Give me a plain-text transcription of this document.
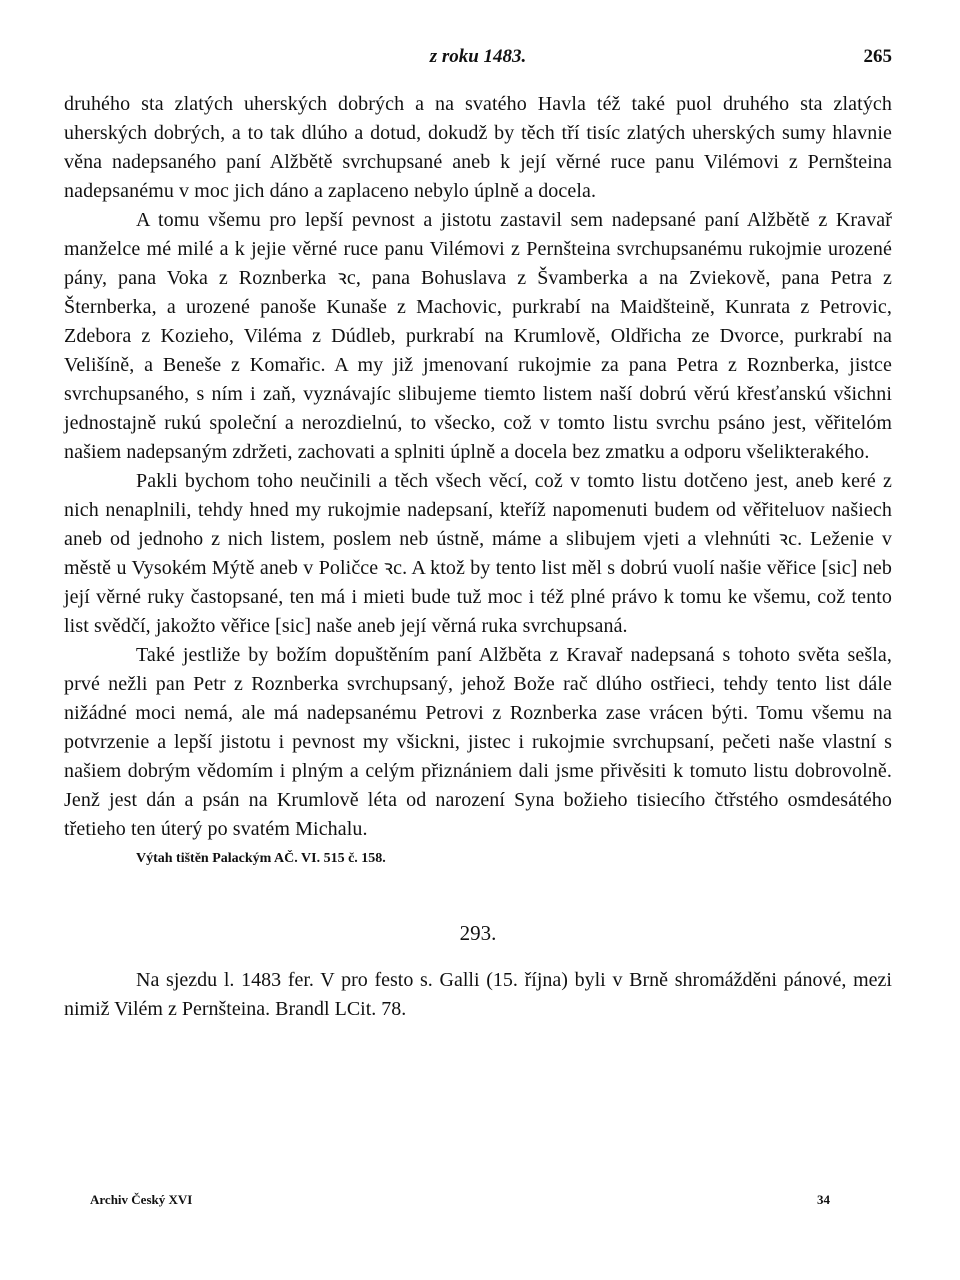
z roku 1483.	265

druhého sta zlatých uherských dobrých a na svatého Havla též také puol druhého sta zlatých uherských dobrých, a to tak dlúho a dotud, dokudž by těch tří tisíc zlatých uherských sumy hlavnie věna nadepsaného paní Alžbětě svrchupsané aneb k její věrné ruce panu Vilémovi z Pernšteina nadepsanému v moc jich dáno a zaplaceno nebylo úplně a docela.

A tomu všemu pro lepší pevnost a jistotu zastavil sem nadepsané paní Alžbětě z Kravař manželce mé milé a k jejie věrné ruce panu Vilémovi z Pernšteina svrchupsanému rukojmie urozené pány, pana Voka z Roznberka ꝛc, pana Bohuslava z Švamberka a na Zviekově, pana Petra z Šternberka, a urozené panoše Kunaše z Machovic, purkrabí na Maidšteině, Kunrata z Petrovic, Zdebora z Kozieho, Viléma z Dúdleb, purkrabí na Krumlově, Oldřicha ze Dvorce, purkrabí na Velišíně, a Beneše z Komařic. A my již jmenovaní rukojmie za pana Petra z Roznberka, jistce svrchupsaného, s ním i zaň, vyznávajíc slibujeme tiemto listem naší dobrú věrú křesťanskú všichni jednostajně rukú společní a nerozdielnú, to všecko, což v tomto listu svrchu psáno jest, věřitelóm našiem nadepsaným zdržeti, zachovati a splniti úplně a docela bez zmatku a odporu všelikterakého.

Pakli bychom toho neučinili a těch všech věcí, což v tomto listu dotčeno jest, aneb keré z nich nenaplnili, tehdy hned my rukojmie nadepsaní, kteříž napomenuti budem od věřiteluov našiech aneb od jednoho z nich listem, poslem neb ústně, máme a slibujem vjeti a vlehnúti ꝛc. Leženie v městě u Vysokém Mýtě aneb v Poličce ꝛc. A ktož by tento list měl s dobrú vuolí našie věřice [sic] neb její věrné ruky častopsané, ten má i mieti bude tuž moc i též plné právo k tomu ke všemu, což tento list svědčí, jakožto věřice [sic] naše aneb její věrná ruka svrchupsaná.

Také jestliže by božím dopuštěním paní Alžběta z Kravař nadepsaná s tohoto světa sešla, prvé nežli pan Petr z Roznberka svrchupsaný, jehož Bože rač dlúho ostřieci, tehdy tento list dále nižádné moci nemá, ale má nadepsanému Petrovi z Roznberka zase vrácen býti. Tomu všemu na potvrzenie a lepší jistotu i pevnost my všickni, jistec i rukojmie svrchupsaní, pečeti naše vlastní s našiem dobrým vědomím i plným a celým přiznániem dali jsme přivěsiti k tomuto listu dobrovolně. Jenž jest dán a psán na Krumlově léta od narození Syna božieho tisiecího čtřstého osmdesátého třetieho ten úterý po svatém Michalu.

Výtah tištěn Palackým AČ. VI. 515 č. 158.
293.

Na sjezdu l. 1483 fer. V pro festo s. Galli (15. října) byli v Brně shromážděni pánové, mezi nimiž Vilém z Pernšteina. Brandl LCit. 78.

Archiv Český XVI	34
